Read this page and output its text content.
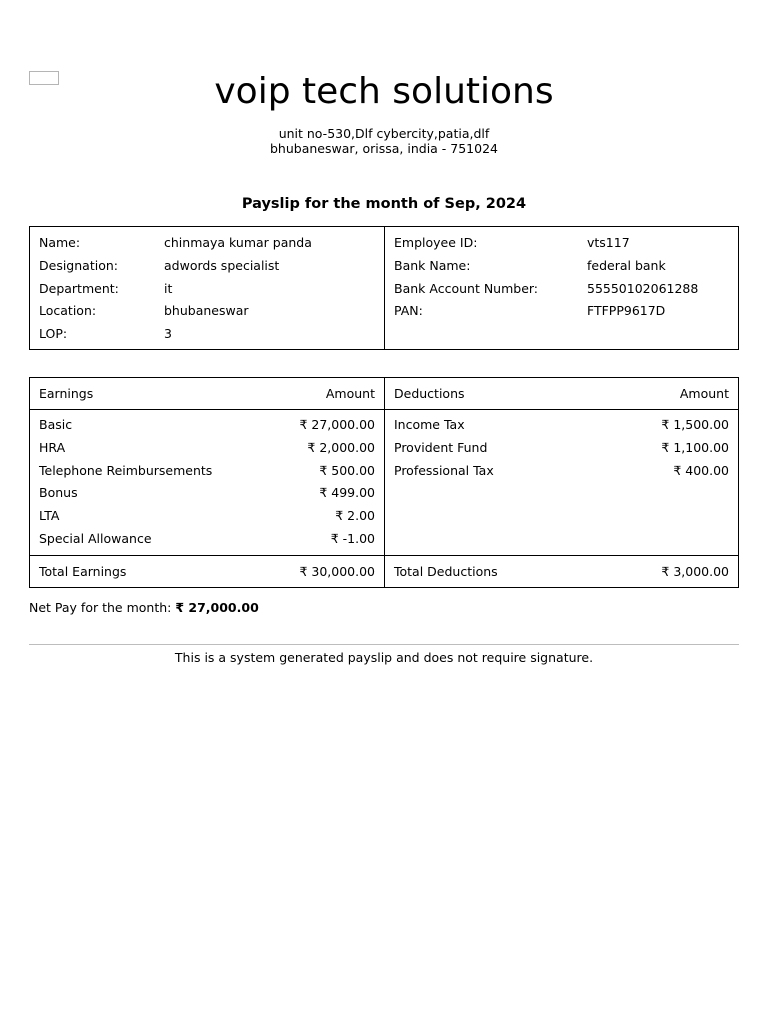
voip tech solutions
unit no-530,Dlf cybercity,patia,dlf
bhubaneswar, orissa, india - 751024
Payslip for the month of Sep, 2024
Name:	chinmaya kumar panda
Designation:	adwords specialist
Department:	it
Location:	bhubaneswar
LOP:	3
Employee ID:	vts117
Bank Name:	federal bank
Bank Account Number:	55550102061288
PAN:	FTFPP9617D
Earnings	Amount
Basic	₹ 27,000.00
HRA	₹ 2,000.00
Telephone Reimbursements	₹ 500.00
Bonus	₹ 499.00
LTA	₹ 2.00
Special Allowance	₹ -1.00
Total Earnings	₹ 30,000.00
Deductions	Amount
Income Tax	₹ 1,500.00
Provident Fund	₹ 1,100.00
Professional Tax	₹ 400.00
Total Deductions	₹ 3,000.00
Net Pay for the month: ₹ 27,000.00
This is a system generated payslip and does not require signature.
